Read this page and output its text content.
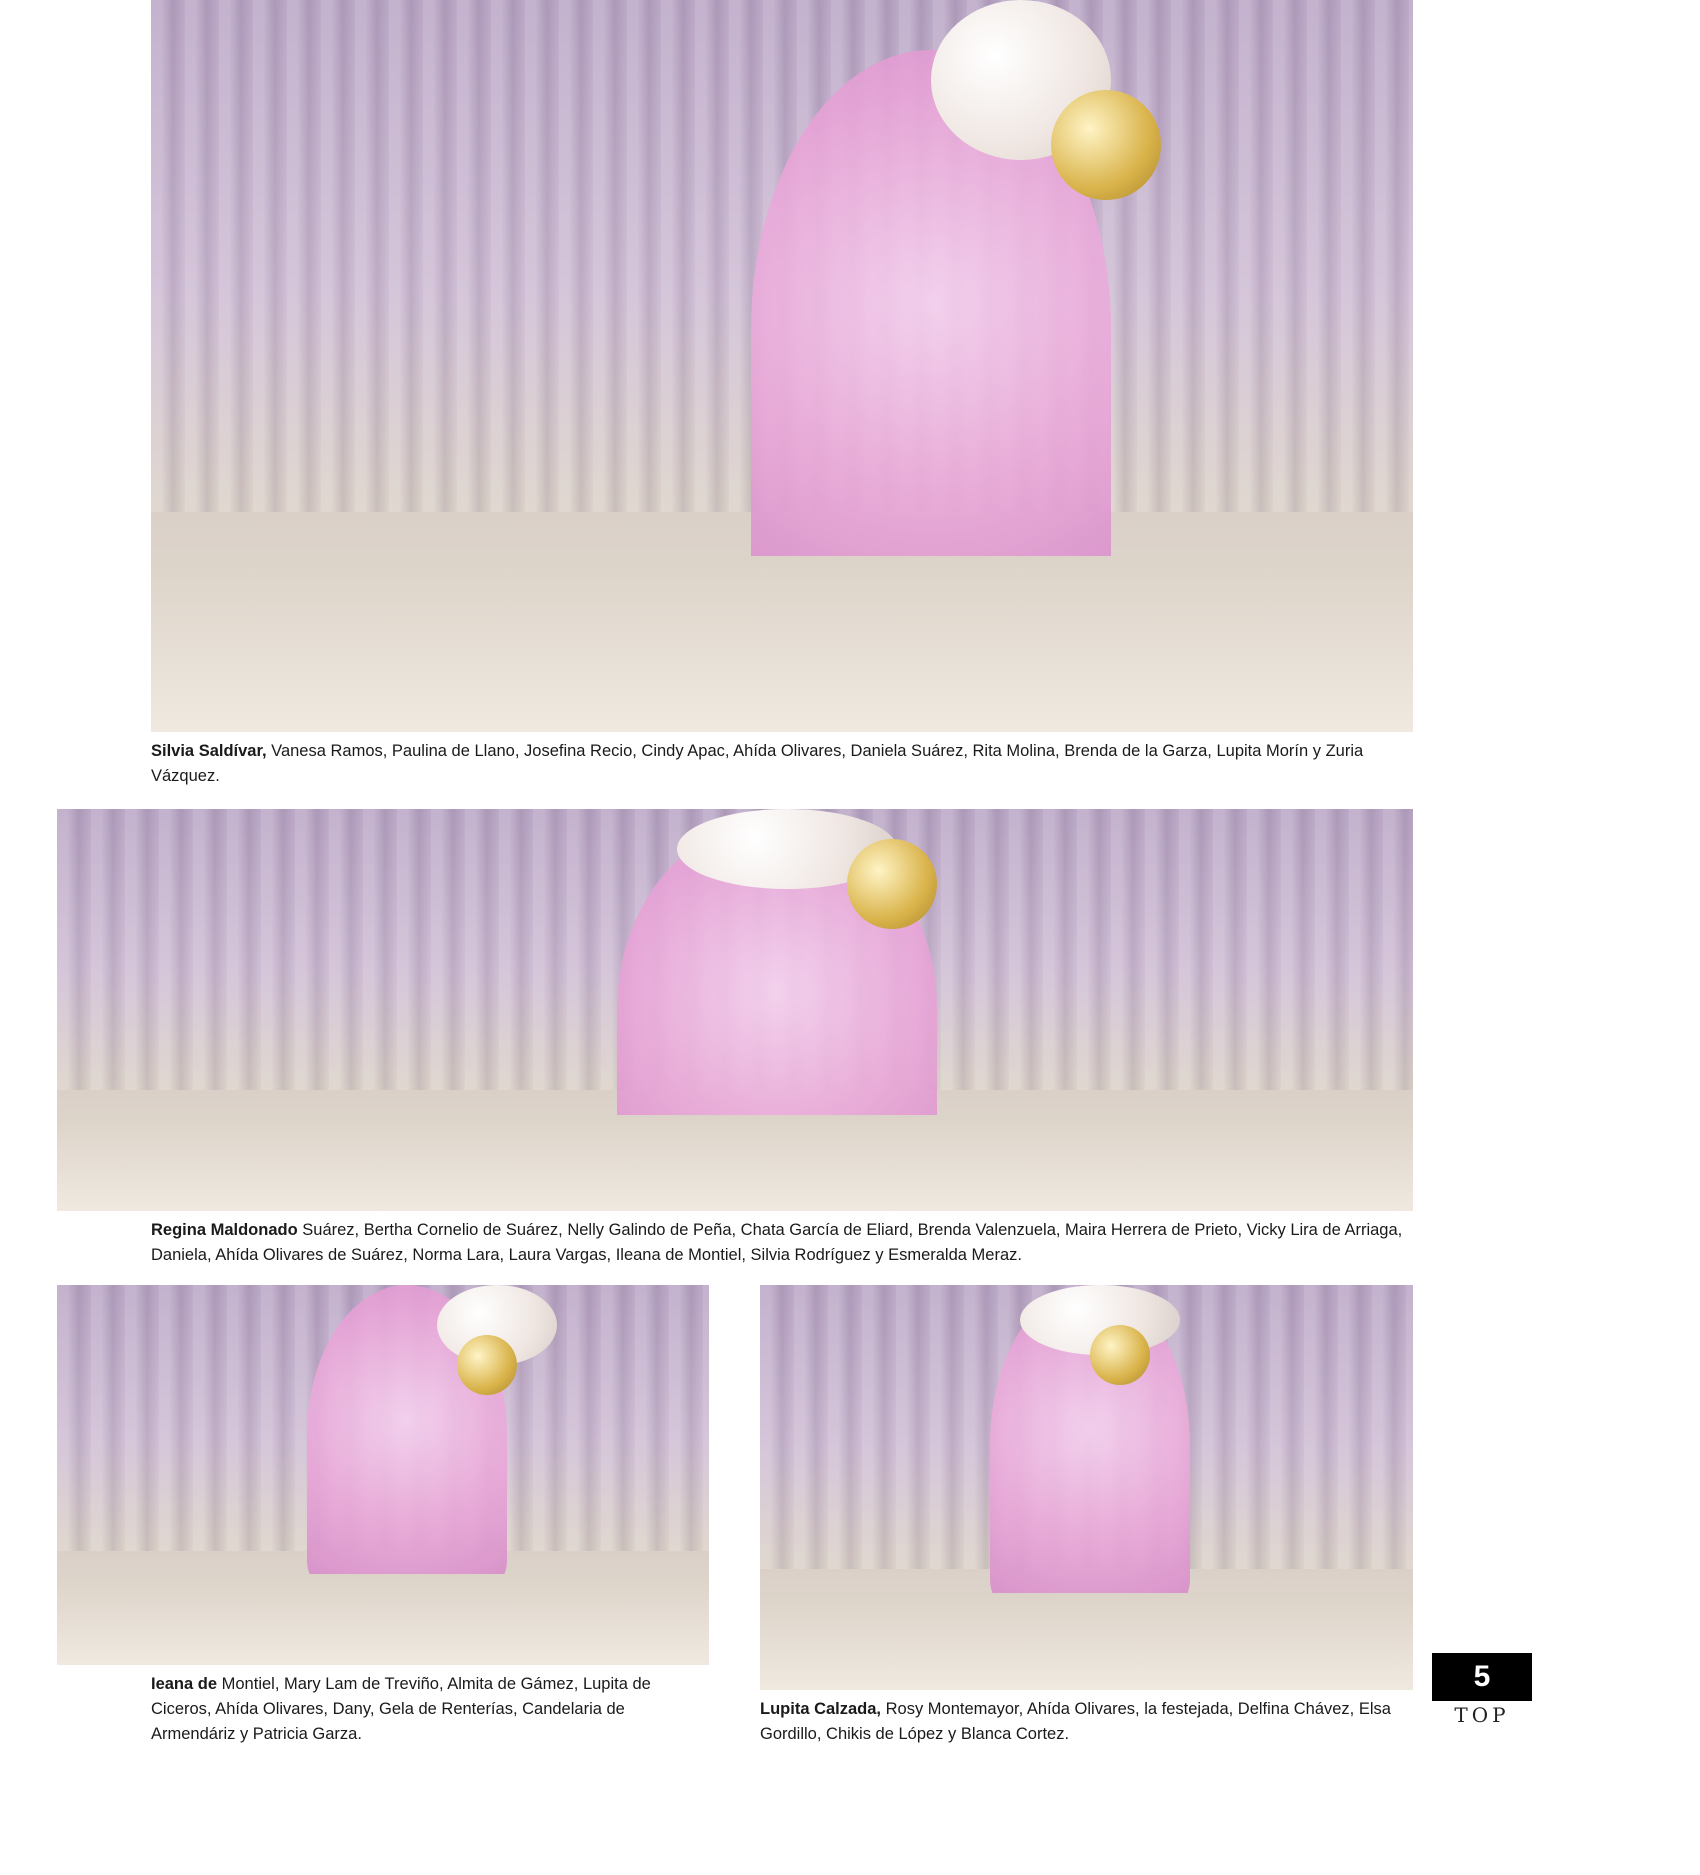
Silvia Saldívar, Vanesa Ramos, Paulina de Llano, Josefina Recio, Cindy Apac, Ahída Olivares, Daniela Suárez, Rita Molina, Brenda de la Garza, Lupita Morín y Zuria Vázquez.
Regina Maldonado Suárez, Bertha Cornelio de Suárez, Nelly Galindo de Peña, Chata García de Eliard, Brenda Valenzuela, Maira Herrera de Prieto, Vicky Lira de Arriaga, Daniela, Ahída Olivares de Suárez, Norma Lara, Laura Vargas, Ileana de Montiel, Silvia Rodríguez y Esmeralda Meraz.
Ieana de Montiel, Mary Lam de Treviño, Almita de Gámez, Lupita de Ciceros, Ahída Olivares, Dany, Gela de Renterías, Candelaria de Armendáriz y Patricia Garza.
Lupita Calzada, Rosy Montemayor, Ahída Olivares, la festejada, Delfina Chávez, Elsa Gordillo, Chikis de López y Blanca Cortez.
5
TOP
